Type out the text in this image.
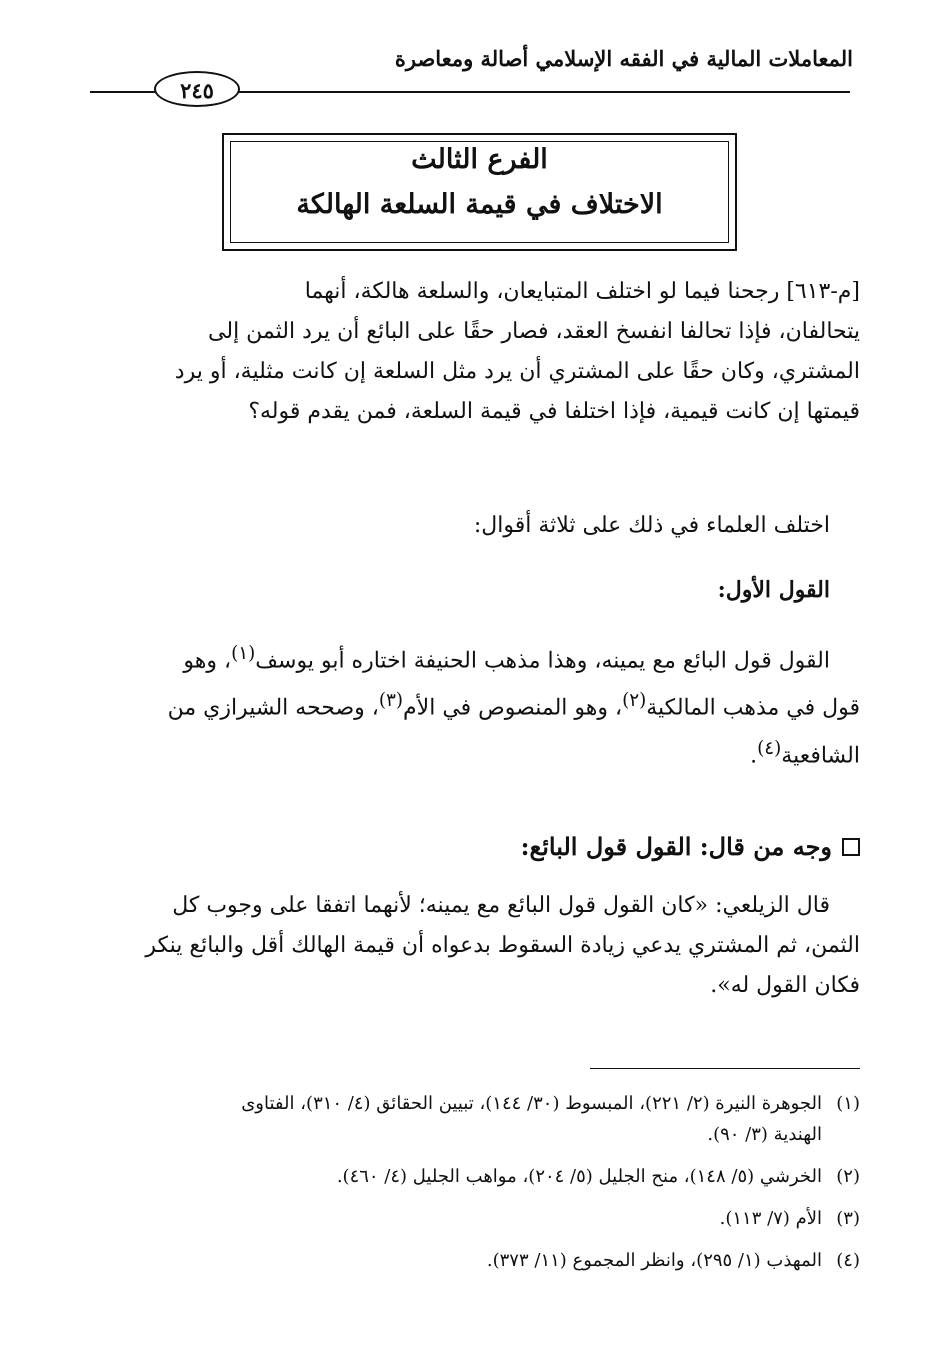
المعاملات المالية في الفقه الإسلامي أصالة ومعاصرة
٢٤٥
الفرع الثالث
الاختلاف في قيمة السلعة الهالكة
[م-٦١٣] رجحنا فيما لو اختلف المتبايعان، والسلعة هالكة، أنهما
يتحالفان، فإذا تحالفا انفسخ العقد، فصار حقًا على البائع أن يرد الثمن إلى
المشتري، وكان حقًا على المشتري أن يرد مثل السلعة إن كانت مثلية، أو يرد
قيمتها إن كانت قيمية، فإذا اختلفا في قيمة السلعة، فمن يقدم قوله؟
اختلف العلماء في ذلك على ثلاثة أقوال:
القول الأول:
القول قول البائع مع يمينه، وهذا مذهب الحنيفة اختاره أبو يوسف$^{(١)}$، وهو
قول في مذهب المالكية$^{(٢)}$، وهو المنصوص في الأم$^{(٣)}$، وصححه الشيرازي من
الشافعية$^{(٤)}$.
وجه من قال: القول قول البائع:
قال الزيلعي: «كان القول قول البائع مع يمينه؛ لأنهما اتفقا على وجوب كل
الثمن، ثم المشتري يدعي زيادة السقوط بدعواه أن قيمة الهالك أقل والبائع ينكر
فكان القول له».
(١)الجوهرة النيرة (٢/ ٢٢١)، المبسوط (٣٠/ ١٤٤)، تبيين الحقائق (٤/ ٣١٠)، الفتاوى
الهندية (٣/ ٩٠).
(٢)الخرشي (٥/ ١٤٨)، منح الجليل (٥/ ٢٠٤)، مواهب الجليل (٤/ ٤٦٠).
(٣)الأم (٧/ ١١٣).
(٤)المهذب (١/ ٢٩٥)، وانظر المجموع (١١/ ٣٧٣).
